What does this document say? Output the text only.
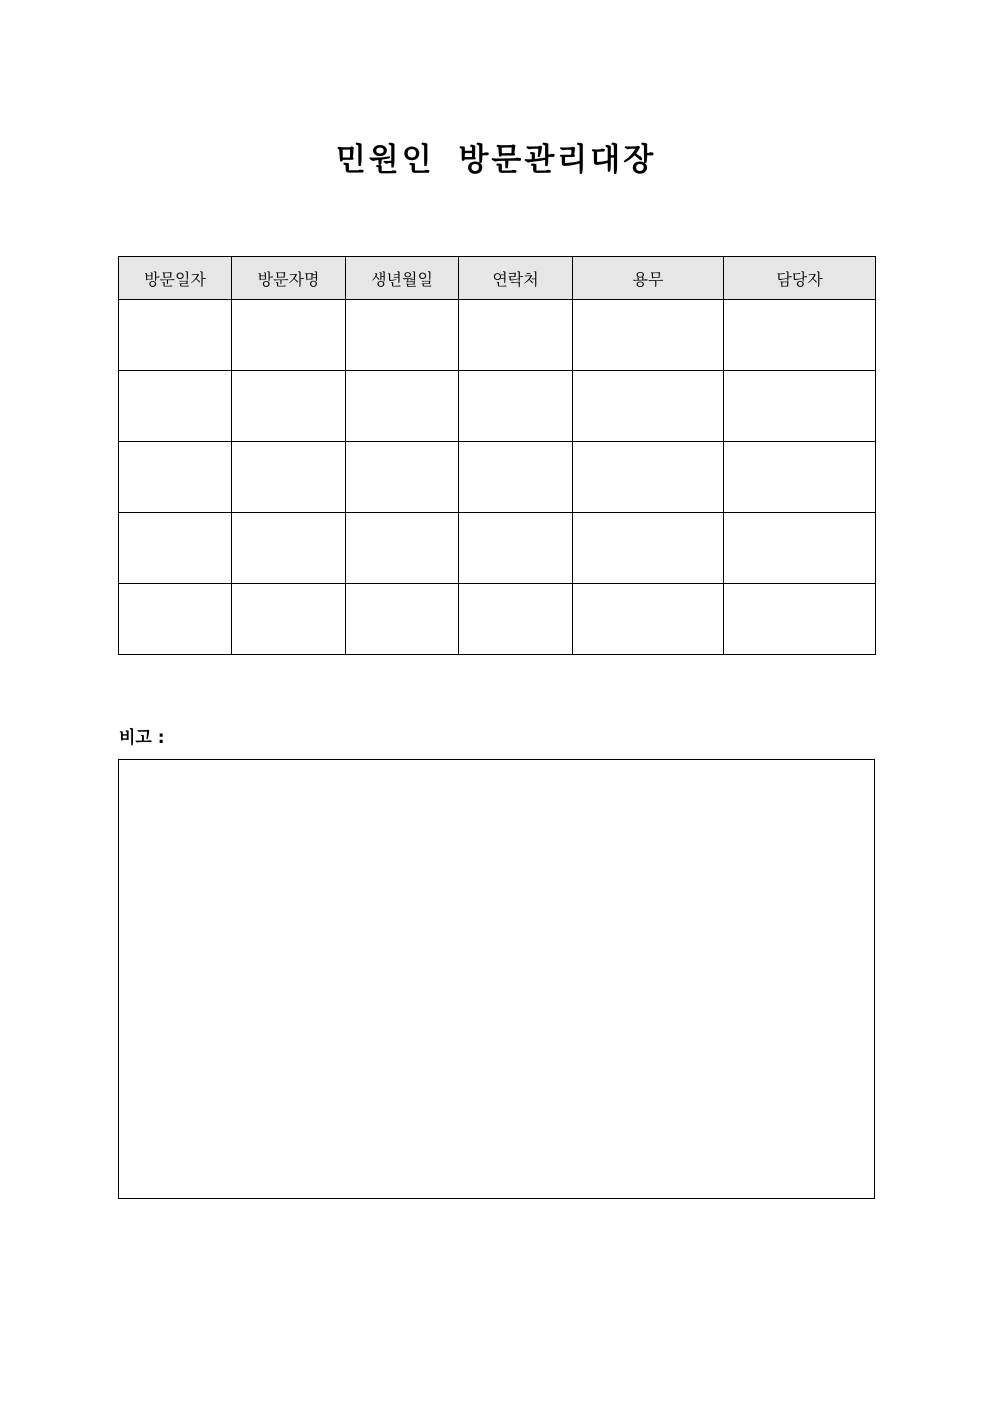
민원인 방문관리대장
방문일자	방문자명	생년월일	연락처	용무	담당자

비고 :
